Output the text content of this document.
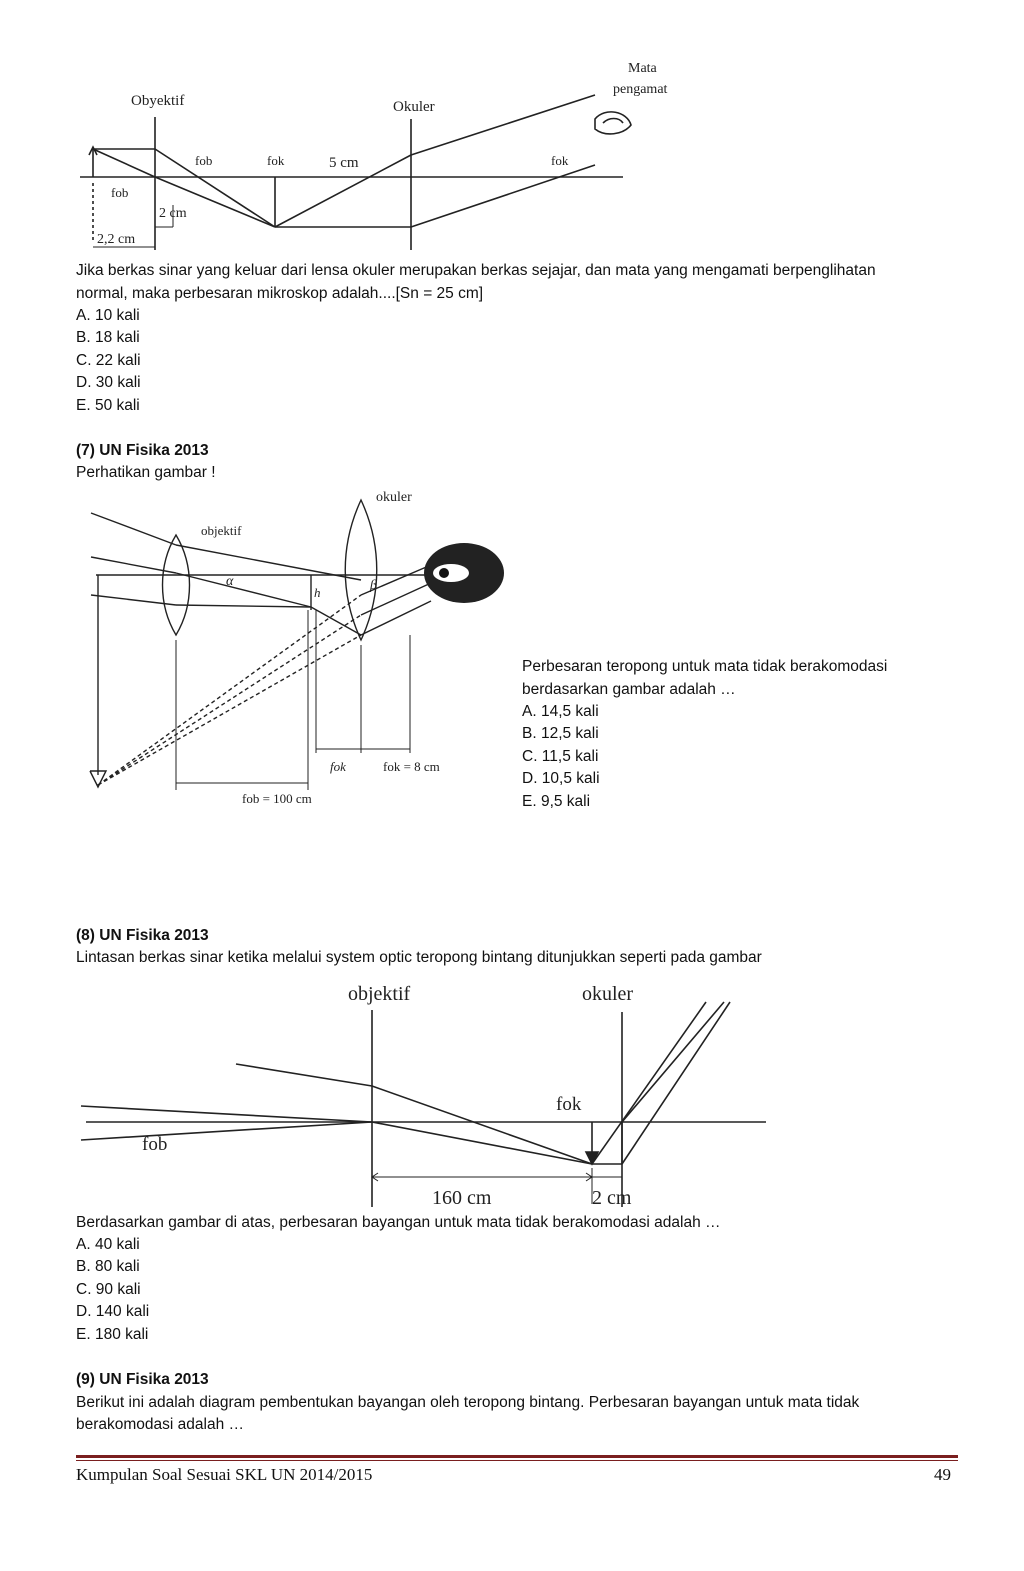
Obyektif	Okuler
Mata
pengamat
fob
fob
fok	fok
5 cm
2 cm
2,2 cm
Jika berkas sinar yang keluar dari lensa okuler merupakan berkas sejajar, dan mata yang mengamati berpenglihatan
normal, maka perbesaran mikroskop adalah....[Sn = 25 cm]
A. 10 kali
B. 18 kali
C. 22 kali
D. 30 kali
E. 50 kali
(7) UN Fisika 2013
Perhatikan gambar !
okuler
objektif
α	β
h
fok	fok = 8 cm
fob = 100 cm
Perbesaran teropong untuk mata tidak berakomodasi
berdasarkan gambar adalah …
A. 14,5 kali
B. 12,5 kali
C. 11,5 kali
D. 10,5 kali
E. 9,5 kali
(8) UN Fisika 2013
Lintasan berkas sinar ketika melalui system optic teropong bintang ditunjukkan seperti pada gambar
objektif	okuler
fok
fob
160 cm	2 cm
Berdasarkan gambar di atas, perbesaran bayangan untuk mata tidak berakomodasi adalah …
A. 40 kali
B. 80 kali
C. 90 kali
D. 140 kali
E. 180 kali
(9) UN Fisika 2013
Berikut ini adalah diagram pembentukan bayangan oleh teropong bintang. Perbesaran bayangan untuk mata tidak
berakomodasi adalah …
Kumpulan Soal Sesuai SKL UN 2014/2015	49
